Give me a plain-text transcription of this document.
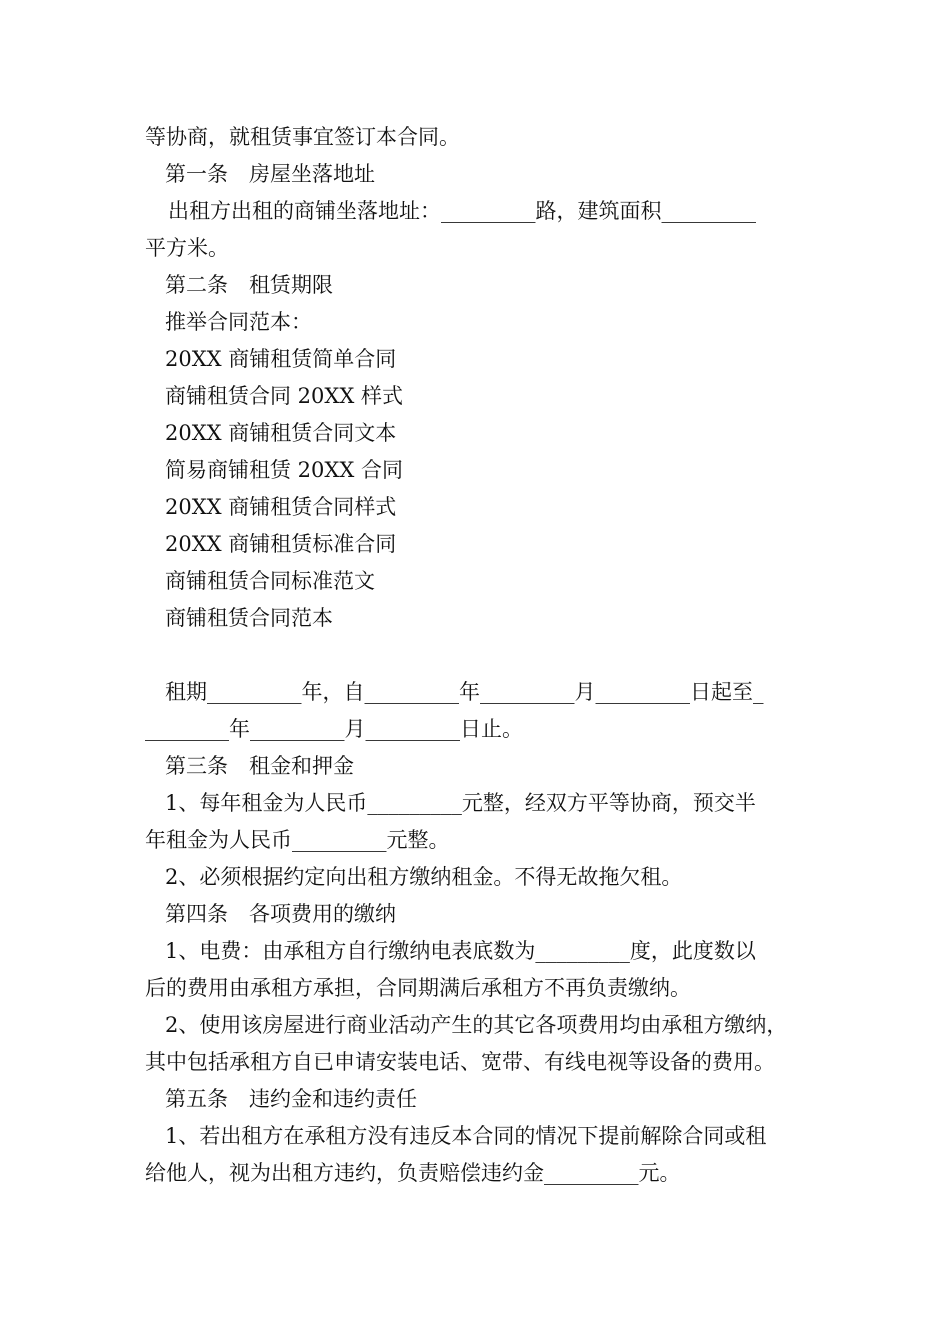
等协商，就租赁事宜签订本合同。
第一条　房屋坐落地址
出租方出租的商铺坐落地址：_________路，建筑面积_________
平方米。
第二条　租赁期限
推举合同范本：
20XX 商铺租赁简单合同
商铺租赁合同 20XX 样式
20XX 商铺租赁合同文本
简易商铺租赁 20XX 合同
20XX 商铺租赁合同样式
20XX 商铺租赁标准合同
商铺租赁合同标准范文
商铺租赁合同范本
租期_________年，自_________年_________月_________日起至_
________年_________月_________日止。
第三条　租金和押金
1、每年租金为人民币_________元整，经双方平等协商，预交半
年租金为人民币_________元整。
2、必须根据约定向出租方缴纳租金。不得无故拖欠租。
第四条　各项费用的缴纳
1、电费：由承租方自行缴纳电表底数为_________度，此度数以
后的费用由承租方承担，合同期满后承租方不再负责缴纳。
2、使用该房屋进行商业活动产生的其它各项费用均由承租方缴纳，
其中包括承租方自已申请安装电话、宽带、有线电视等设备的费用。
第五条　违约金和违约责任
1、若出租方在承租方没有违反本合同的情况下提前解除合同或租
给他人，视为出租方违约，负责赔偿违约金_________元。
